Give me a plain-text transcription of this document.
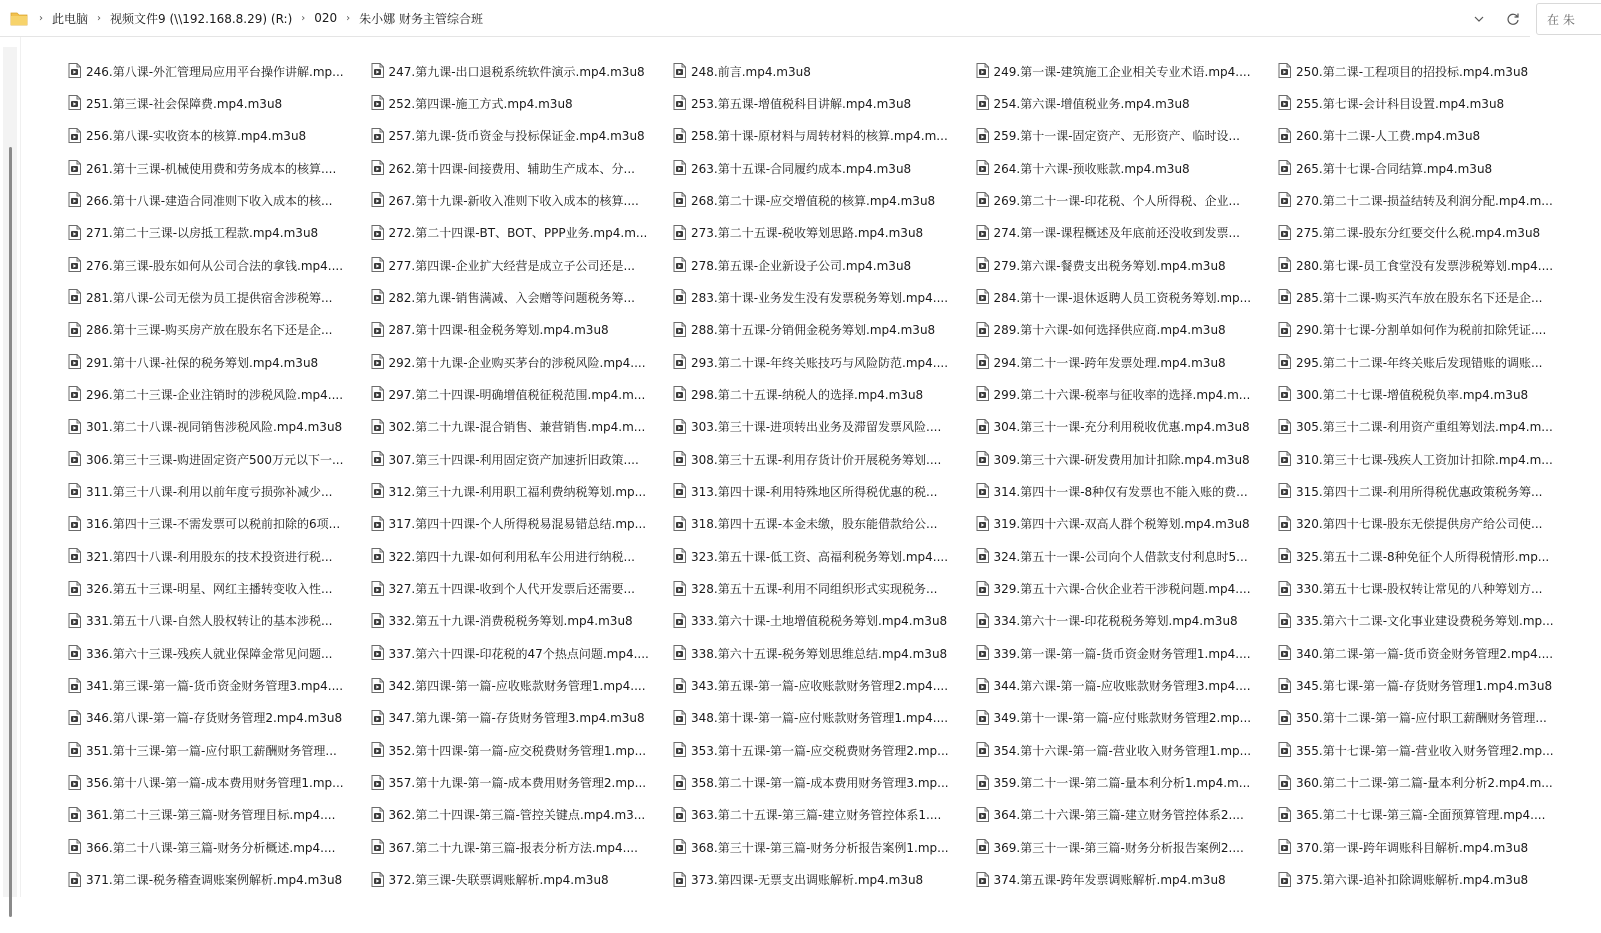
› 此电脑 › 视频文件9 (\\192.168.8.29) (R:) › 020 › 朱小娜 财务主管综合班	在 朱
246.第八课-外汇管理局应用平台操作讲解.mp...	247.第九课-出口退税系统软件演示.mp4.m3u8	248.前言.mp4.m3u8	249.第一课-建筑施工企业相关专业术语.mp4....	250.第二课-工程项目的招投标.mp4.m3u8
251.第三课-社会保障费.mp4.m3u8	252.第四课-施工方式.mp4.m3u8	253.第五课-增值税科目讲解.mp4.m3u8	254.第六课-增值税业务.mp4.m3u8	255.第七课-会计科目设置.mp4.m3u8
256.第八课-实收资本的核算.mp4.m3u8	257.第九课-货币资金与投标保证金.mp4.m3u8	258.第十课-原材料与周转材料的核算.mp4.m...	259.第十一课-固定资产、无形资产、临时设...	260.第十二课-人工费.mp4.m3u8
261.第十三课-机械使用费和劳务成本的核算....	262.第十四课-间接费用、辅助生产成本、分...	263.第十五课-合同履约成本.mp4.m3u8	264.第十六课-预收账款.mp4.m3u8	265.第十七课-合同结算.mp4.m3u8
266.第十八课-建造合同准则下收入成本的核...	267.第十九课-新收入准则下收入成本的核算....	268.第二十课-应交增值税的核算.mp4.m3u8	269.第二十一课-印花税、个人所得税、企业...	270.第二十二课-损益结转及利润分配.mp4.m...
271.第二十三课-以房抵工程款.mp4.m3u8	272.第二十四课-BT、BOT、PPP业务.mp4.m...	273.第二十五课-税收筹划思路.mp4.m3u8	274.第一课-课程概述及年底前还没收到发票...	275.第二课-股东分红要交什么税.mp4.m3u8
276.第三课-股东如何从公司合法的拿钱.mp4....	277.第四课-企业扩大经营是成立子公司还是...	278.第五课-企业新设子公司.mp4.m3u8	279.第六课-餐费支出税务筹划.mp4.m3u8	280.第七课-员工食堂没有发票涉税筹划.mp4....
281.第八课-公司无偿为员工提供宿舍涉税筹...	282.第九课-销售满减、入会赠等问题税务筹...	283.第十课-业务发生没有发票税务筹划.mp4....	284.第十一课-退休返聘人员工资税务筹划.mp...	285.第十二课-购买汽车放在股东名下还是企...
286.第十三课-购买房产放在股东名下还是企...	287.第十四课-租金税务筹划.mp4.m3u8	288.第十五课-分销佣金税务筹划.mp4.m3u8	289.第十六课-如何选择供应商.mp4.m3u8	290.第十七课-分割单如何作为税前扣除凭证....
291.第十八课-社保的税务筹划.mp4.m3u8	292.第十九课-企业购买茅台的涉税风险.mp4....	293.第二十课-年终关账技巧与风险防范.mp4....	294.第二十一课-跨年发票处理.mp4.m3u8	295.第二十二课-年终关账后发现错账的调账...
296.第二十三课-企业注销时的涉税风险.mp4....	297.第二十四课-明确增值税征税范围.mp4.m...	298.第二十五课-纳税人的选择.mp4.m3u8	299.第二十六课-税率与征收率的选择.mp4.m...	300.第二十七课-增值税税负率.mp4.m3u8
301.第二十八课-视同销售涉税风险.mp4.m3u8	302.第二十九课-混合销售、兼营销售.mp4.m...	303.第三十课-进项转出业务及滞留发票风险....	304.第三十一课-充分利用税收优惠.mp4.m3u8	305.第三十二课-利用资产重组筹划法.mp4.m...
306.第三十三课-购进固定资产500万元以下一...	307.第三十四课-利用固定资产加速折旧政策....	308.第三十五课-利用存货计价开展税务筹划....	309.第三十六课-研发费用加计扣除.mp4.m3u8	310.第三十七课-残疾人工资加计扣除.mp4.m...
311.第三十八课-利用以前年度亏损弥补减少...	312.第三十九课-利用职工福利费纳税筹划.mp...	313.第四十课-利用特殊地区所得税优惠的税...	314.第四十一课-8种仅有发票也不能入账的费...	315.第四十二课-利用所得税优惠政策税务筹...
316.第四十三课-不需发票可以税前扣除的6项...	317.第四十四课-个人所得税易混易错总结.mp...	318.第四十五课-本金未缴，股东能借款给公...	319.第四十六课-双高人群个税筹划.mp4.m3u8	320.第四十七课-股东无偿提供房产给公司使...
321.第四十八课-利用股东的技术投资进行税...	322.第四十九课-如何利用私车公用进行纳税...	323.第五十课-低工资、高福利税务筹划.mp4....	324.第五十一课-公司向个人借款支付利息时5...	325.第五十二课-8种免征个人所得税情形.mp...
326.第五十三课-明星、网红主播转变收入性...	327.第五十四课-收到个人代开发票后还需要...	328.第五十五课-利用不同组织形式实现税务...	329.第五十六课-合伙企业若干涉税问题.mp4....	330.第五十七课-股权转让常见的八种筹划方...
331.第五十八课-自然人股权转让的基本涉税...	332.第五十九课-消费税税务筹划.mp4.m3u8	333.第六十课-土地增值税税务筹划.mp4.m3u8	334.第六十一课-印花税税务筹划.mp4.m3u8	335.第六十二课-文化事业建设费税务筹划.mp...
336.第六十三课-残疾人就业保障金常见问题...	337.第六十四课-印花税的47个热点问题.mp4....	338.第六十五课-税务筹划思维总结.mp4.m3u8	339.第一课-第一篇-货币资金财务管理1.mp4....	340.第二课-第一篇-货币资金财务管理2.mp4....
341.第三课-第一篇-货币资金财务管理3.mp4....	342.第四课-第一篇-应收账款财务管理1.mp4....	343.第五课-第一篇-应收账款财务管理2.mp4....	344.第六课-第一篇-应收账款财务管理3.mp4....	345.第七课-第一篇-存货财务管理1.mp4.m3u8
346.第八课-第一篇-存货财务管理2.mp4.m3u8	347.第九课-第一篇-存货财务管理3.mp4.m3u8	348.第十课-第一篇-应付账款财务管理1.mp4....	349.第十一课-第一篇-应付账款财务管理2.mp...	350.第十二课-第一篇-应付职工薪酬财务管理...
351.第十三课-第一篇-应付职工薪酬财务管理...	352.第十四课-第一篇-应交税费财务管理1.mp...	353.第十五课-第一篇-应交税费财务管理2.mp...	354.第十六课-第一篇-营业收入财务管理1.mp...	355.第十七课-第一篇-营业收入财务管理2.mp...
356.第十八课-第一篇-成本费用财务管理1.mp...	357.第十九课-第一篇-成本费用财务管理2.mp...	358.第二十课-第一篇-成本费用财务管理3.mp...	359.第二十一课-第二篇-量本利分析1.mp4.m...	360.第二十二课-第二篇-量本利分析2.mp4.m...
361.第二十三课-第三篇-财务管理目标.mp4....	362.第二十四课-第三篇-管控关键点.mp4.m3...	363.第二十五课-第三篇-建立财务管控体系1....	364.第二十六课-第三篇-建立财务管控体系2....	365.第二十七课-第三篇-全面预算管理.mp4....
366.第二十八课-第三篇-财务分析概述.mp4....	367.第二十九课-第三篇-报表分析方法.mp4....	368.第三十课-第三篇-财务分析报告案例1.mp...	369.第三十一课-第三篇-财务分析报告案例2....	370.第一课-跨年调账科目解析.mp4.m3u8
371.第二课-税务稽查调账案例解析.mp4.m3u8	372.第三课-失联票调账解析.mp4.m3u8	373.第四课-无票支出调账解析.mp4.m3u8	374.第五课-跨年发票调账解析.mp4.m3u8	375.第六课-追补扣除调账解析.mp4.m3u8
